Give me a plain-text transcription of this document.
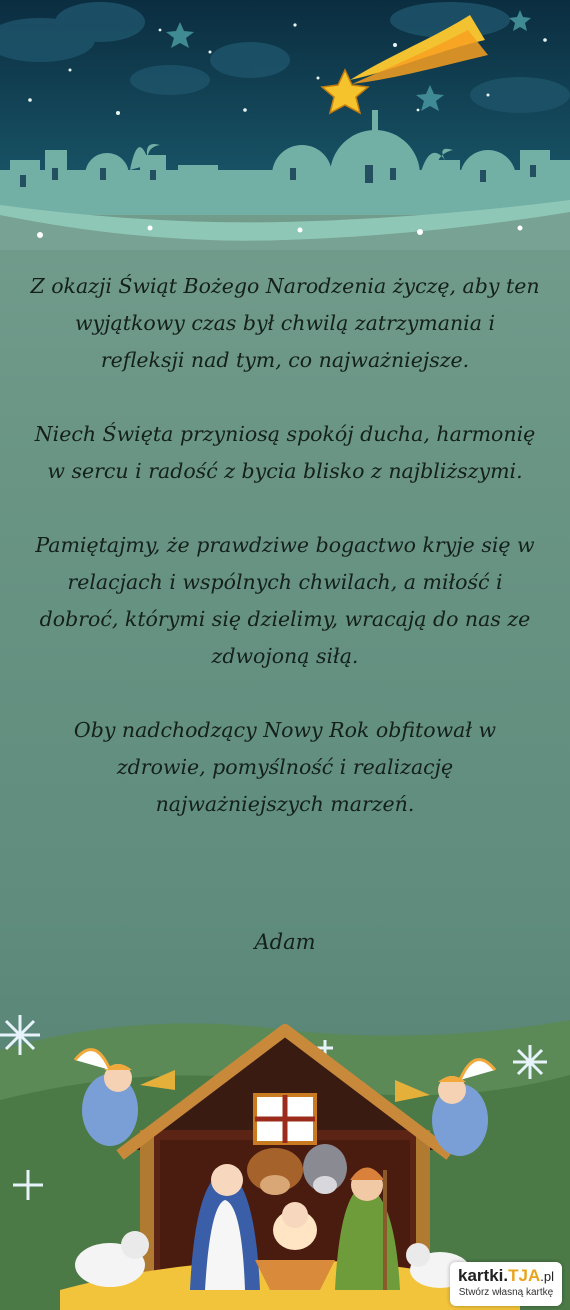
Z okazji Świąt Bożego Narodzenia życzę, aby ten wyjątkowy czas był chwilą zatrzymania i refleksji nad tym, co najważniejsze.

Niech Święta przyniosą spokój ducha, harmonię w sercu i radość z bycia blisko z najbliższymi.

Pamiętajmy, że prawdziwe bogactwo kryje się w relacjach i wspólnych chwilach, a miłość i dobroć, którymi się dzielimy, wracają do nas ze zdwojoną siłą.

Oby nadchodzący Nowy Rok obfitował w zdrowie, pomyślność i realizację najważniejszych marzeń.

Adam
kartki.TJA.pl
Stwórz własną kartkę
